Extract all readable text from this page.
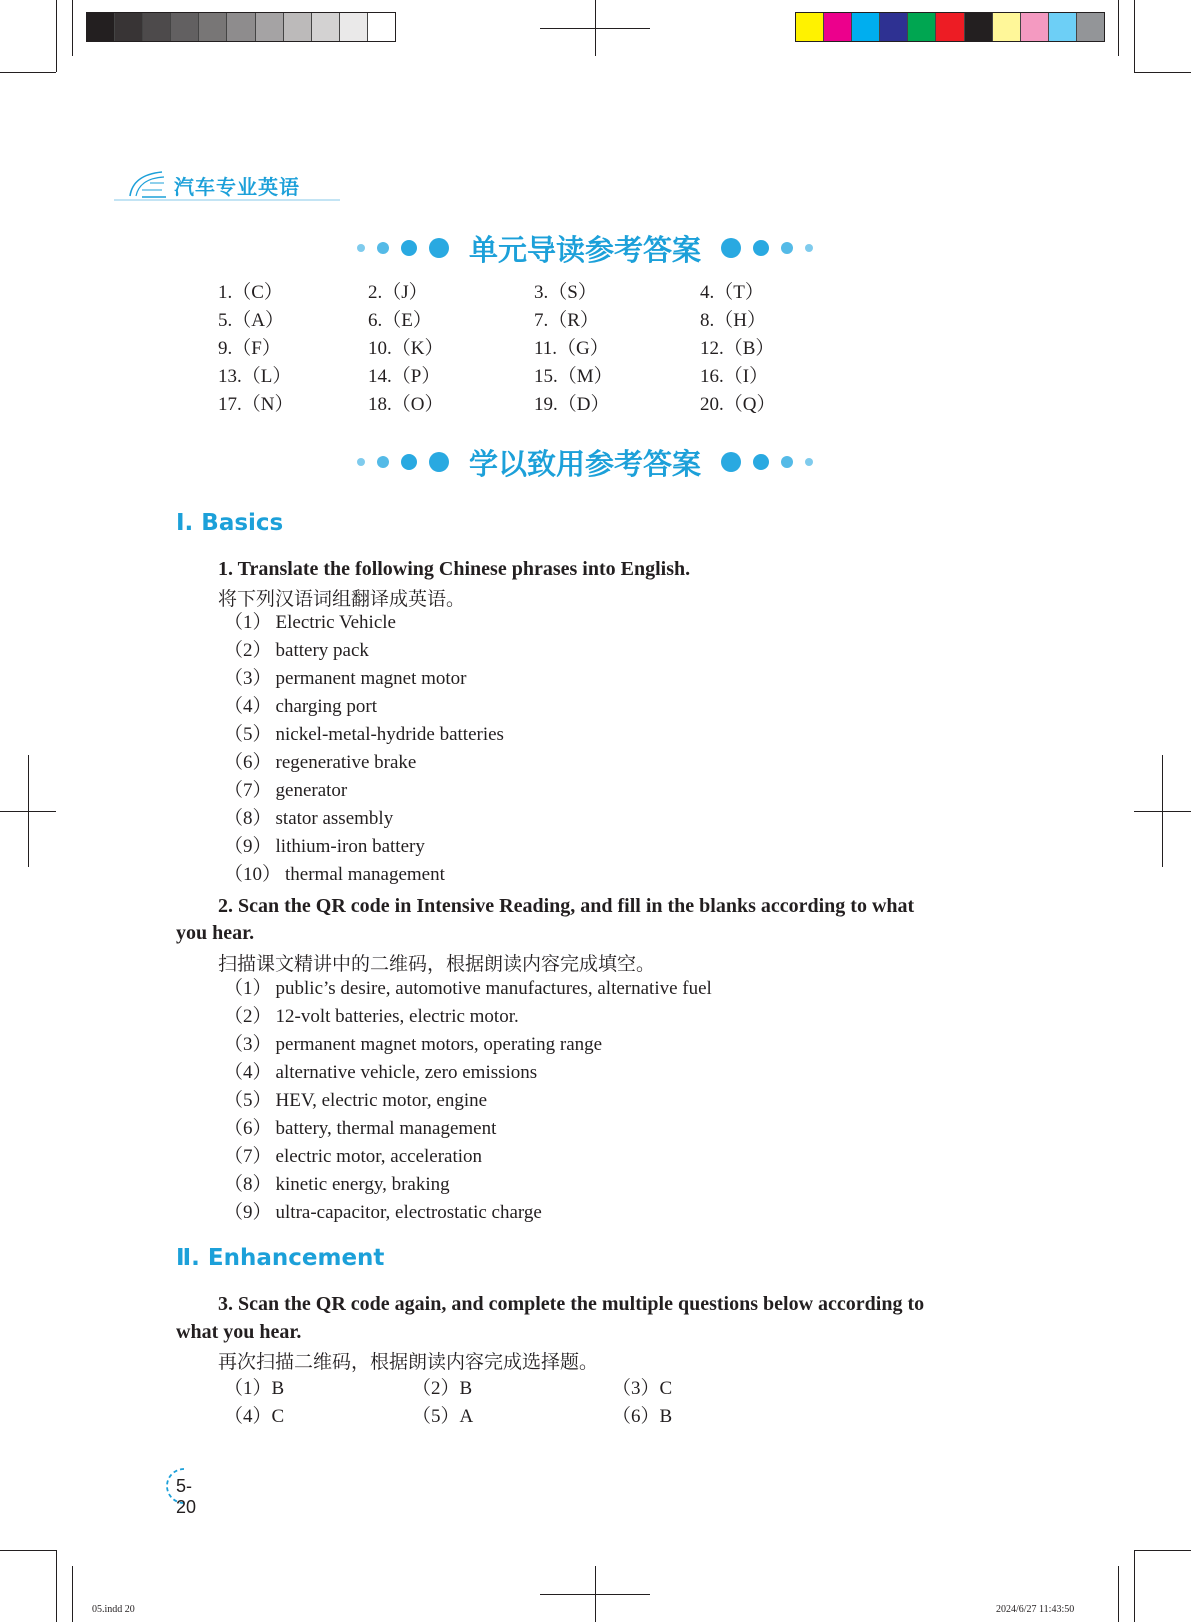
汽车专业英语
单元导读参考答案
1.（C）	2.（J）	3.（S）	4.（T）
5.（A）	6.（E）	7.（R）	8.（H）
9.（F）	10.（K）	11.（G）	12.（B）
13.（L）	14.（P）	15.（M）	16.（I）
17.（N）	18.（O）	19.（D）	20.（Q）
学以致用参考答案
Ⅰ. Basics
1. Translate the following Chinese phrases into English.
将下列汉语词组翻译成英语。
（1） Electric Vehicle
（2） battery pack
（3） permanent magnet motor
（4） charging port
（5） nickel-metal-hydride batteries
（6） regenerative brake
（7） generator
（8） stator assembly
（9） lithium-iron battery
（10） thermal management
2. Scan the QR code in Intensive Reading, and fill in the blanks according to what
you hear.
扫描课文精讲中的二维码，根据朗读内容完成填空。
（1） public’s desire, automotive manufactures, alternative fuel
（2） 12-volt batteries, electric motor.
（3） permanent magnet motors, operating range
（4） alternative vehicle, zero emissions
（5） HEV, electric motor, engine
（6） battery, thermal management
（7） electric motor, acceleration
（8） kinetic energy, braking
（9） ultra-capacitor, electrostatic charge
Ⅱ. Enhancement
3. Scan the QR code again, and complete the multiple questions below according to
what you hear.
再次扫描二维码，根据朗读内容完成选择题。
（1）B	（2）B	（3）C
（4）C	（5）A	（6）B
5-20
05.indd 20	2024/6/27 11:43:50
